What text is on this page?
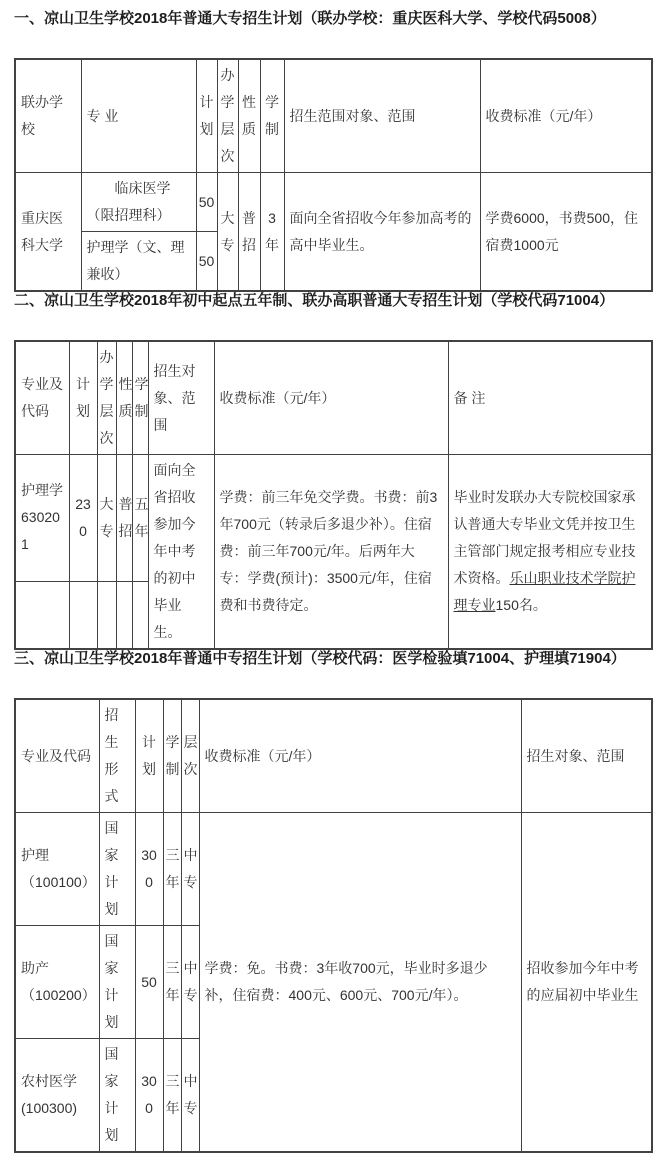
一、凉山卫生学校2018年普通大专招生计划（联办学校：重庆医科大学、学校代码5008）
联办学校	专 业	计划	办学层次	性质	学制	招生范围对象、范围	收费标准（元/年）
重庆医科大学	临床医学（限招理科）	50	大专	普招	3年	面向全省招收今年参加高考的高中毕业生。	学费6000，书费500，住宿费1000元
	护理学（文、理兼收）	50					
二、凉山卫生学校2018年初中起点五年制、联办高职普通大专招生计划（学校代码71004）
专业及代码	计划	办学层次	性质	学制	招生对象、范围	收费标准（元/年）	备 注
护理学630201	230	大专	普招	五年	面向全省招收参加今年中考的初中毕业生。	学费：前三年免交学费。书费：前3年700元（转录后多退少补）。住宿费：前三年700元/年。后两年大专：学费(预计)：3500元/年，住宿费和书费待定。	毕业时发联办大专院校国家承认普通大专毕业文凭并按卫生主管部门规定报考相应专业技术资格。乐山职业技术学院护理专业150名。

三、凉山卫生学校2018年普通中专招生计划（学校代码：医学检验填71004、护理填71904）
专业及代码	招生形式	计划	学制	层次	收费标准（元/年）	招生对象、范围
护理（100100）	国家计划	300	三年	中专	学费：免。书费：3年收700元，毕业时多退少补，住宿费：400元、600元、700元/年）。	招收参加今年中考的应届初中毕业生
助产（100200）	国家计划	50	三年	中专		
农村医学(100300)	国家计划	300	三年	中专		
